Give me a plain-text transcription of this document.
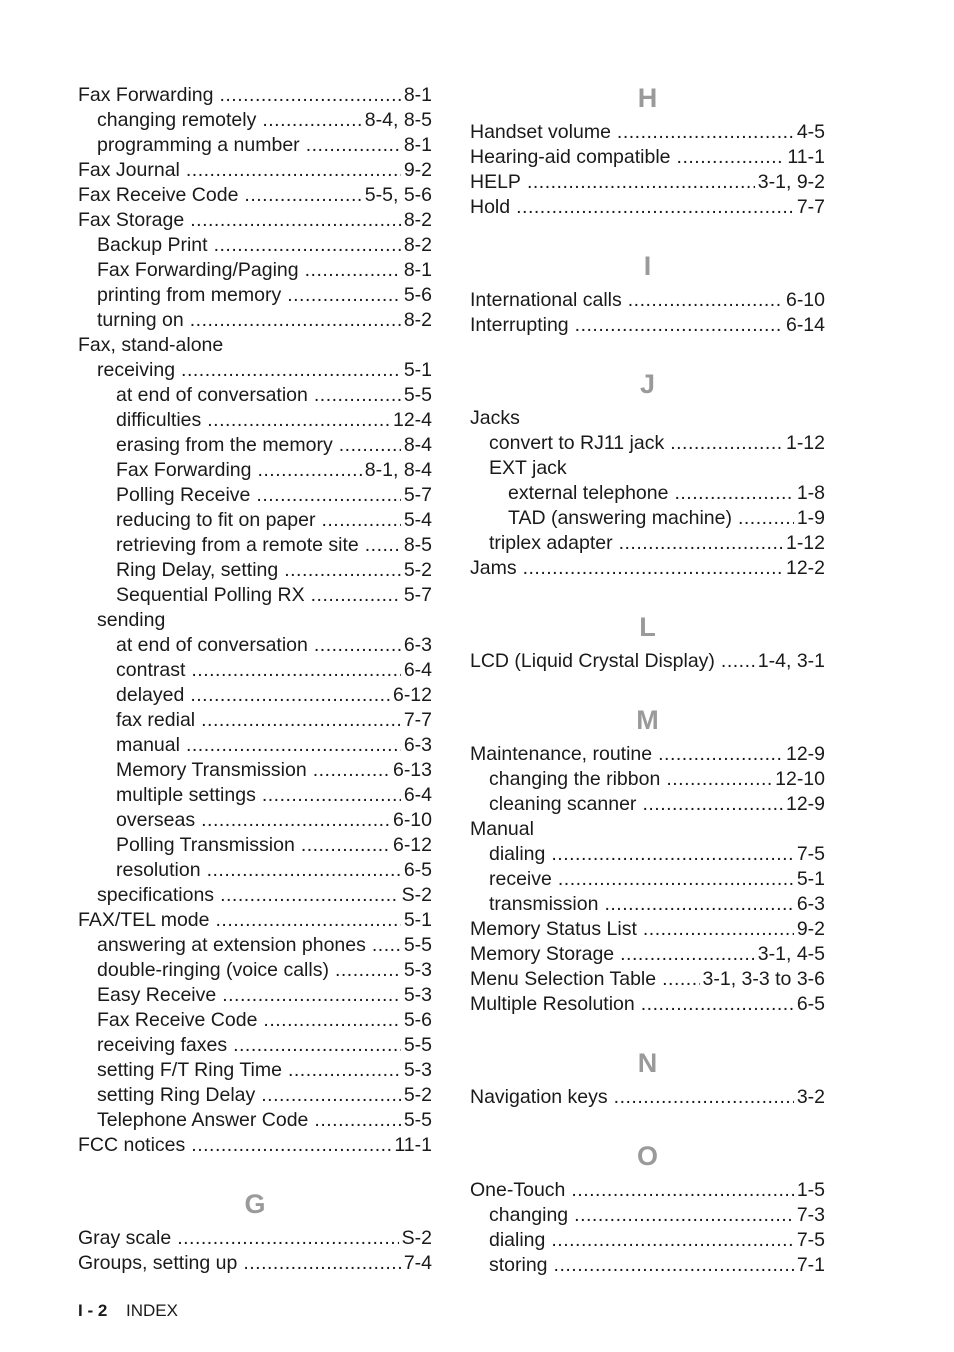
Fax Forwarding .....	8-1
changing remotely .....	8-4, 8-5
programming a number .....	8-1
Fax Journal .....	9-2
Fax Receive Code .....	5-5, 5-6
Fax Storage .....	8-2
Backup Print .....	8-2
Fax Forwarding/Paging .....	8-1
printing from memory .....	5-6
turning on .....	8-2
Fax, stand-alone
receiving .....	5-1
at end of conversation .....	5-5
difficulties .....	12-4
erasing from the memory .....	8-4
Fax Forwarding .....	8-1, 8-4
Polling Receive .....	5-7
reducing to fit on paper .....	5-4
retrieving from a remote site ..... 8-5
Ring Delay, setting .....	5-2
Sequential Polling RX .....	5-7
sending
at end of conversation .....	6-3
contrast .....	6-4
delayed .....	6-12
fax redial .....	7-7
manual .....	6-3
Memory Transmission .....	6-13
multiple settings .....	6-4
overseas .....	6-10
Polling Transmission .....	6-12
resolution .....	6-5
specifications .....	S-2
FAX/TEL mode .....	5-1
answering at extension phones ..... 5-5
double-ringing (voice calls) .....	5-3
Easy Receive .....	5-3
Fax Receive Code .....	5-6
receiving faxes .....	5-5
setting F/T Ring Time .....	5-3
setting Ring Delay .....	5-2
Telephone Answer Code .....	5-5
FCC notices .....	11-1
G
Gray scale .....	S-2
Groups, setting up .....	7-4
H
Handset volume .....	4-5
Hearing-aid compatible .....	11-1
HELP .....	3-1, 9-2
Hold .....	7-7
I
International calls .....	6-10
Interrupting .....	6-14
J
Jacks
convert to RJ11 jack .....	1-12
EXT jack
external telephone .....	1-8
TAD (answering machine) .....	1-9
triplex adapter .....	1-12
Jams .....	12-2
L
LCD (Liquid Crystal Display) ..... 1-4, 3-1
M
Maintenance, routine .....	12-9
changing the ribbon .....	12-10
cleaning scanner .....	12-9
Manual
dialing .....	7-5
receive .....	5-1
transmission .....	6-3
Memory Status List .....	9-2
Memory Storage .....	3-1, 4-5
Menu Selection Table ..... 3-1, 3-3 to 3-6
Multiple Resolution .....	6-5
N
Navigation keys .....	3-2
O
One-Touch .....	1-5
changing .....	7-3
dialing .....	7-5
storing .....	7-1
I - 2 INDEX
